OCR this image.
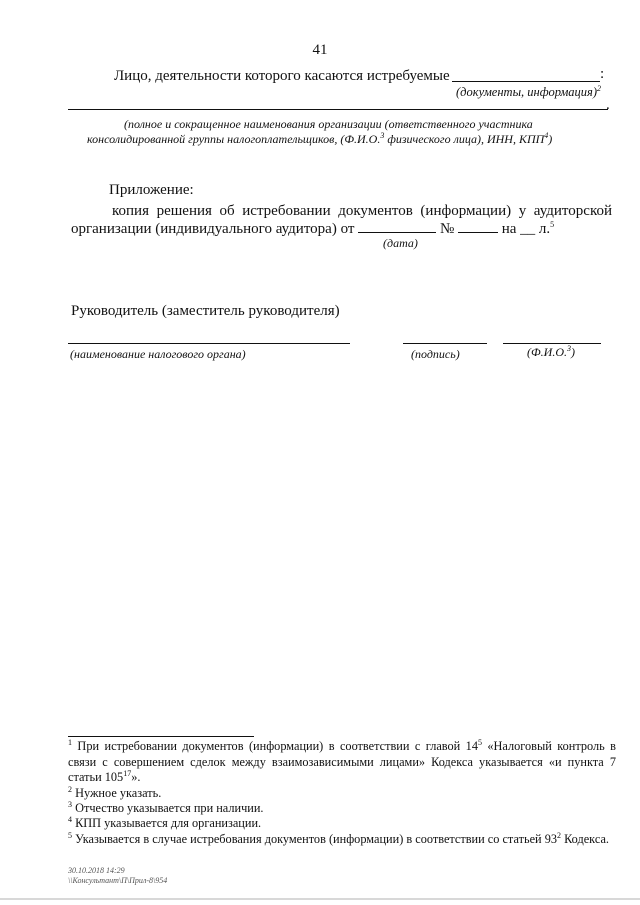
41
Лицо, деятельности которого касаются истребуемые	:
(документы, информация)$^2$
.
(полное и сокращенное наименования организации (ответственного участника
консолидированной группы налогоплательщиков, (Ф.И.О.$^3$ физического лица), ИНН, КПП$^4$)
Приложение:
копия решения об истребовании документов (информации) у аудиторской
организации (индивидуального аудитора) от	№	на __ л.$^5$
(дата)
Руководитель (заместитель руководителя)
(наименование налогового органа)	(подпись)	(Ф.И.О.$^3$)
$^1$ При истребовании документов (информации) в соответствии с главой $14^5$ «Налоговый контроль в связи с совершением сделок между взаимозависимыми лицами» Кодекса указывается «и пункта 7 статьи $105^{17}$».
$^2$ Нужное указать.
$^3$ Отчество указывается при наличии.
$^4$ КПП указывается для организации.
$^5$ Указывается в случае истребования документов (информации) в соответствии со статьей $93^2$ Кодекса.
30.10.2018 14:29
\\Консультант\П\Прил-8\954
